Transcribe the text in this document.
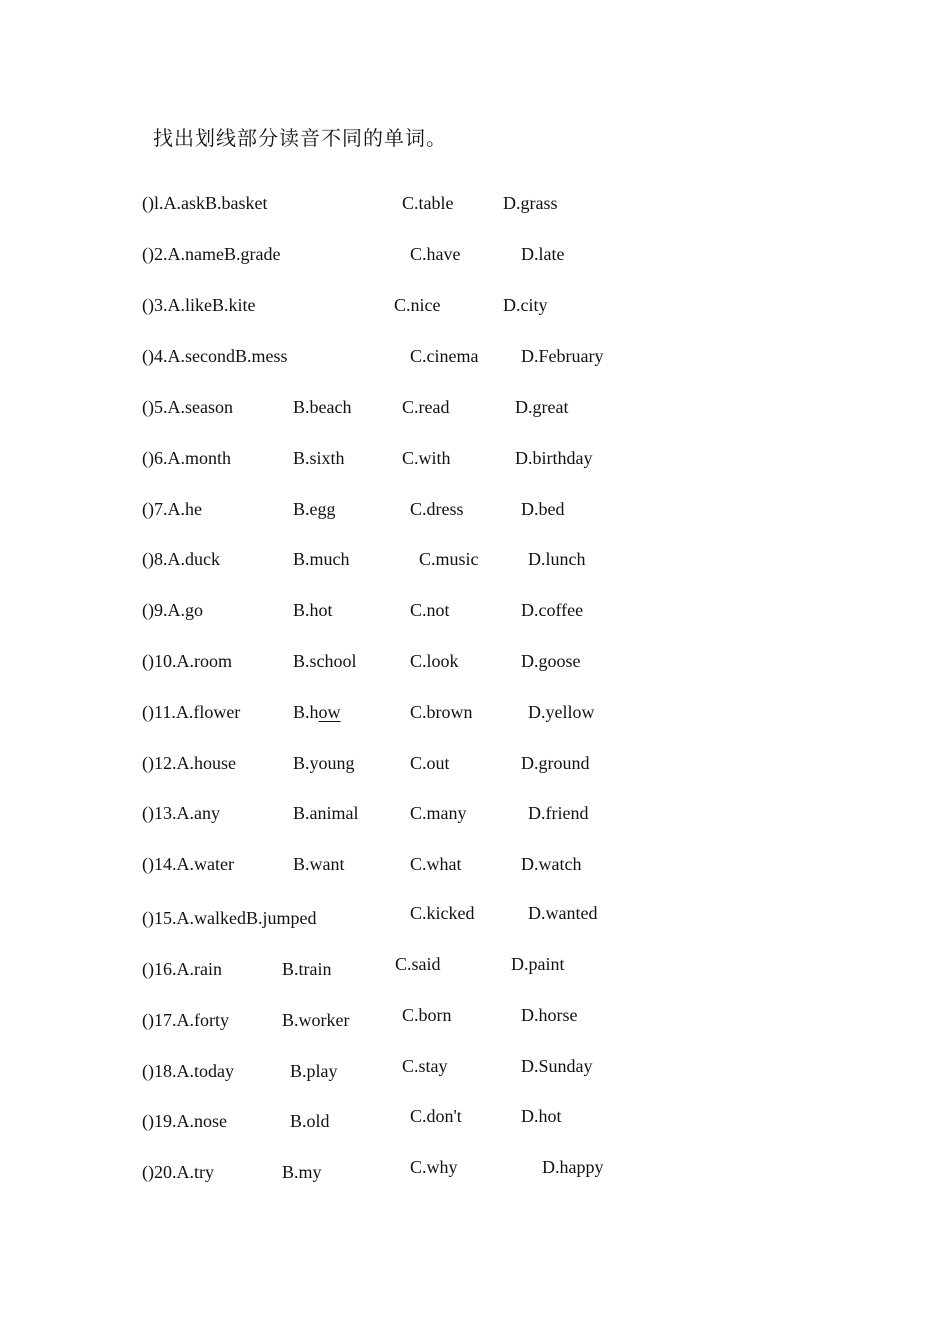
找出划线部分读音不同的单词。
()l.A.askB.basket	C.table	D.grass
()2.A.nameB.grade	C.have	D.late
()3.A.likeB.kite	C.nice	D.city
()4.A.secondB.mess	C.cinema D.February
()5.A.season	B.beach	C.read	D.great
()6.A.month	B.sixth	C.with	D.birthday
()7.A.he	B.egg	C.dress	D.bed
()8.A.duck	B.much	C.music	D.lunch
()9.A.go	B.hot	C.not	D.coffee
()10.A.room	B.school	C.look	D.goose
()11.A.flower	B.how	C.brown	D.yellow
()12.A.house	B.young	C.out	D.ground
()13.A.any	B.animal	C.many	D.friend
()14.A.water	B.want	C.what	D.watch
()15.A.walkedB.jumped	C.kicked	D.wanted
()16.A.rain	B.train	C.said	D.paint
()17.A.forty	B.worker	C.born	D.horse
()18.A.today	B.play	C.stay	D.Sunday
()19.A.nose	B.old	C.don't	D.hot
()20.A.try	B.my	C.why	D.happy
